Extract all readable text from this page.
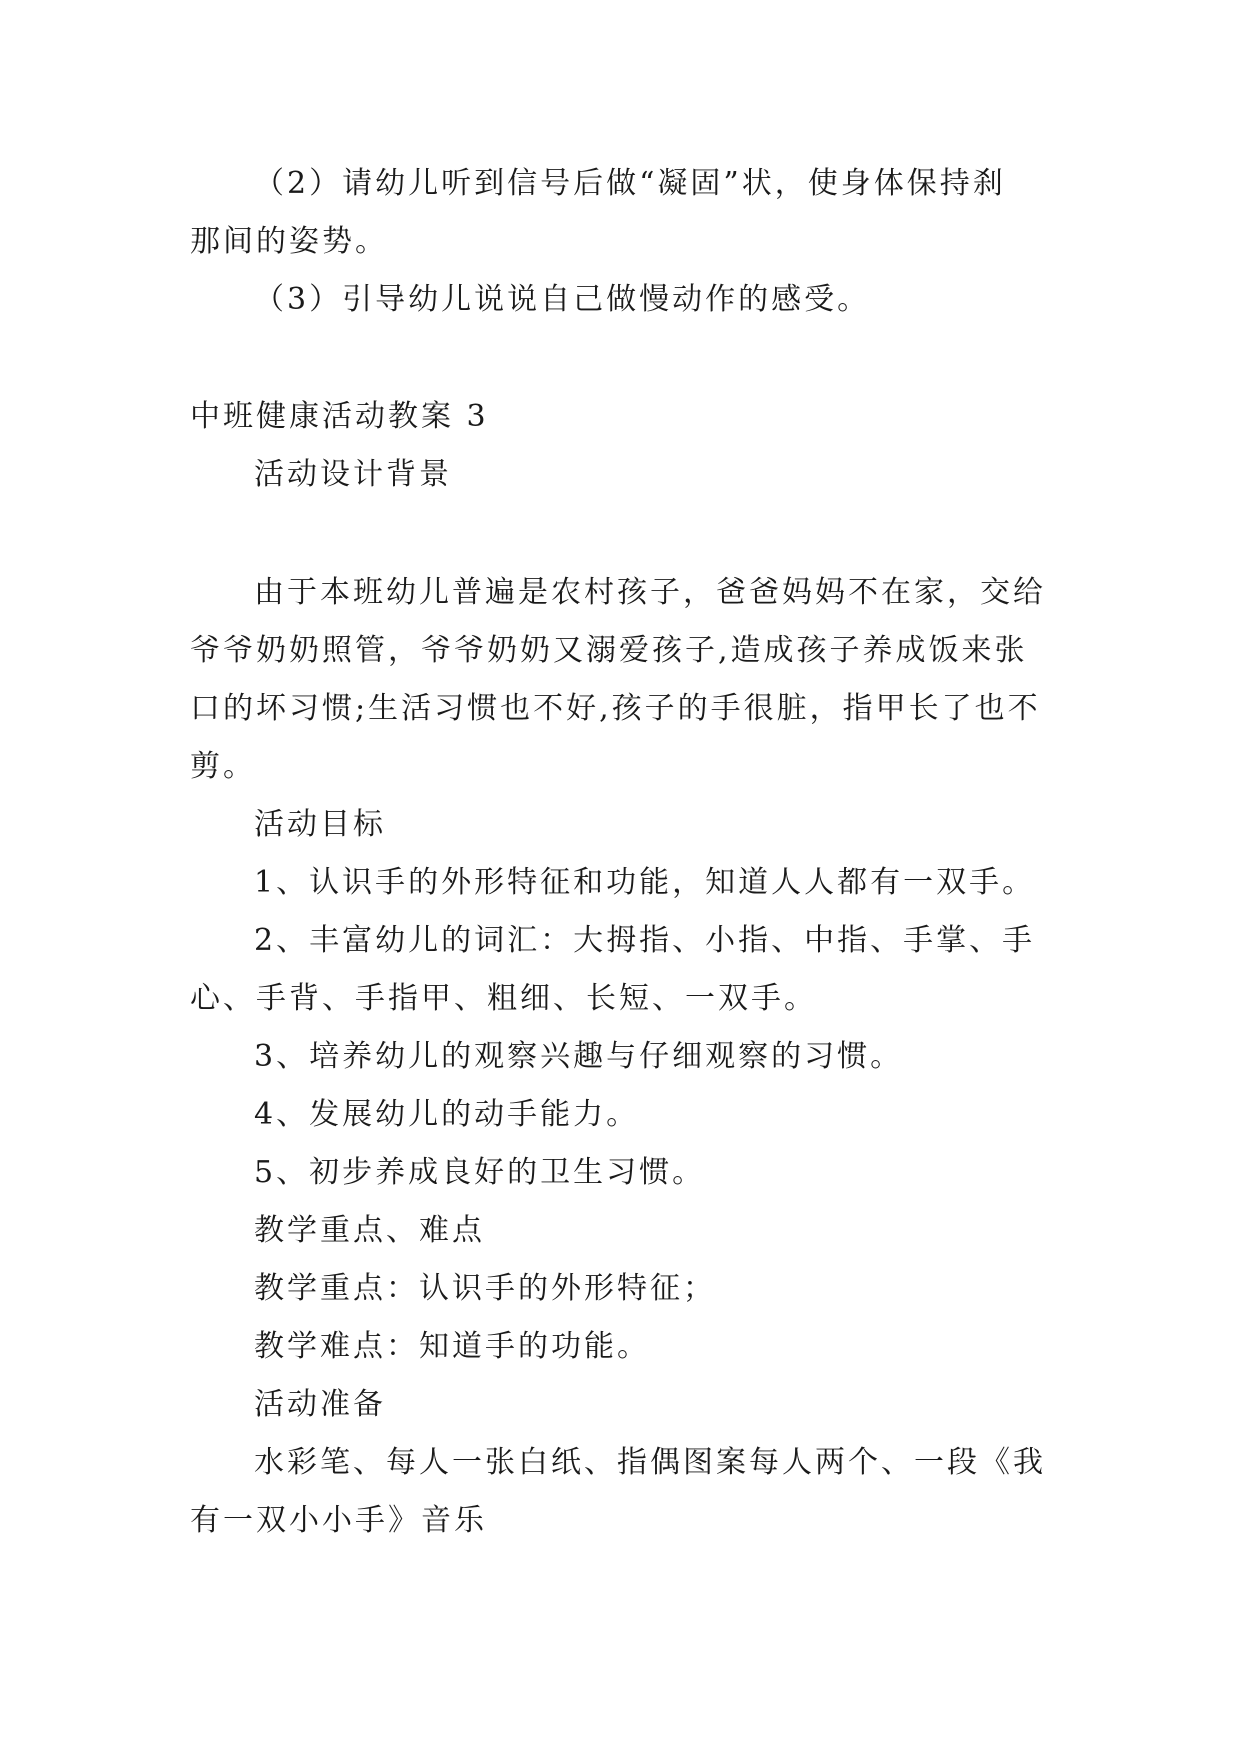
（2）请幼儿听到信号后做“凝固”状，使身体保持刹
那间的姿势。
（3）引导幼儿说说自己做慢动作的感受。
中班健康活动教案 3
活动设计背景
由于本班幼儿普遍是农村孩子，爸爸妈妈不在家，交给
爷爷奶奶照管，爷爷奶奶又溺爱孩子,造成孩子养成饭来张
口的坏习惯;生活习惯也不好,孩子的手很脏，指甲长了也不
剪。
活动目标
1、认识手的外形特征和功能，知道人人都有一双手。
2、丰富幼儿的词汇：大拇指、小指、中指、手掌、手
心、手背、手指甲、粗细、长短、一双手。
3、培养幼儿的观察兴趣与仔细观察的习惯。
4、发展幼儿的动手能力。
5、初步养成良好的卫生习惯。
教学重点、难点
教学重点：认识手的外形特征；
教学难点：知道手的功能。
活动准备
水彩笔、每人一张白纸、指偶图案每人两个、一段《我
有一双小小手》音乐
